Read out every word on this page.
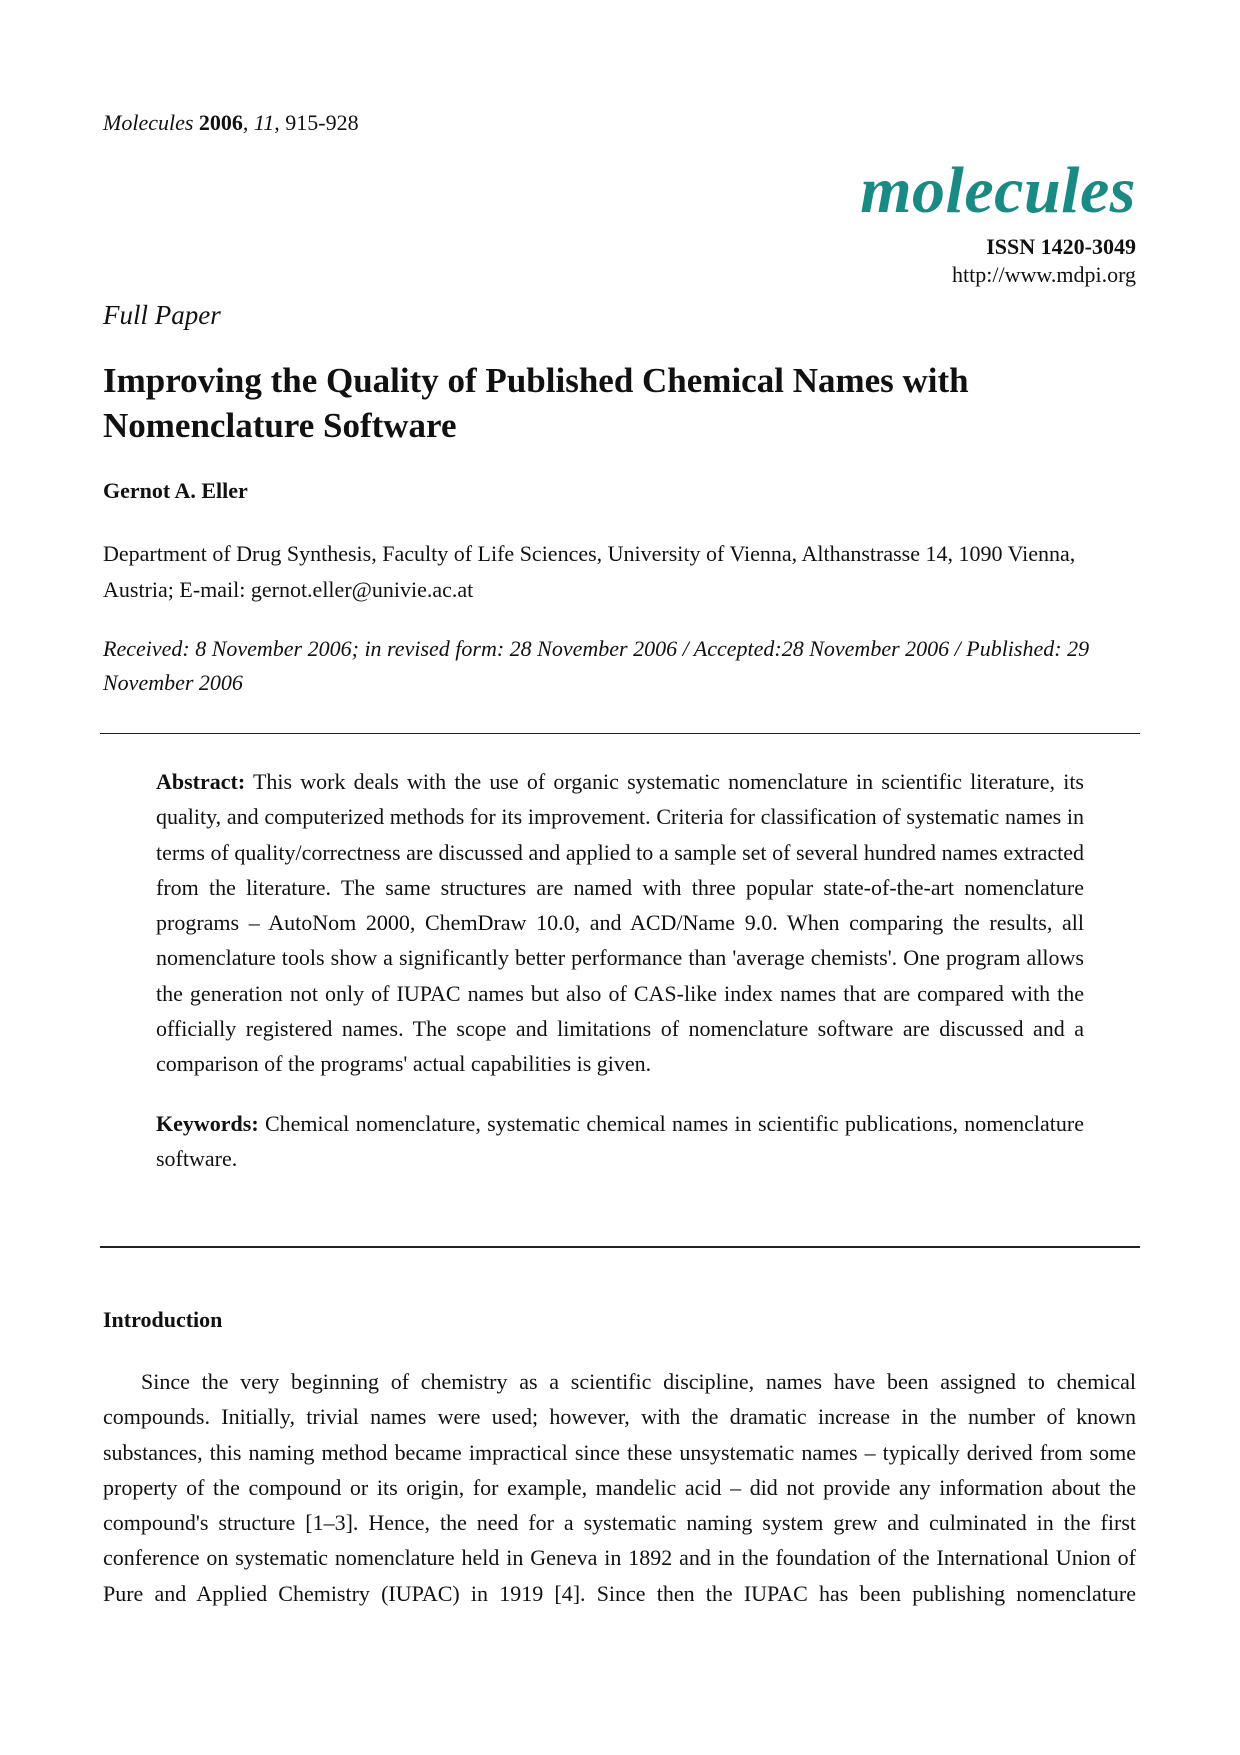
Molecules 2006, 11, 915-928
molecules
ISSN 1420-3049
http://www.mdpi.org
Full Paper
Improving the Quality of Published Chemical Names with Nomenclature Software
Gernot A. Eller
Department of Drug Synthesis, Faculty of Life Sciences, University of Vienna, Althanstrasse 14, 1090 Vienna, Austria; E-mail: gernot.eller@univie.ac.at
Received: 8 November 2006; in revised form: 28 November 2006 / Accepted:28 November 2006 / Published: 29 November 2006

Abstract: This work deals with the use of organic systematic nomenclature in scientific literature, its quality, and computerized methods for its improvement. Criteria for classification of systematic names in terms of quality/correctness are discussed and applied to a sample set of several hundred names extracted from the literature. The same structures are named with three popular state-of-the-art nomenclature programs – AutoNom 2000, ChemDraw 10.0, and ACD/Name 9.0. When comparing the results, all nomenclature tools show a significantly better performance than 'average chemists'. One program allows the generation not only of IUPAC names but also of CAS-like index names that are compared with the officially registered names. The scope and limitations of nomenclature software are discussed and a comparison of the programs' actual capabilities is given.

Keywords: Chemical nomenclature, systematic chemical names in scientific publications, nomenclature software.

Introduction

Since the very beginning of chemistry as a scientific discipline, names have been assigned to chemical compounds. Initially, trivial names were used; however, with the dramatic increase in the number of known substances, this naming method became impractical since these unsystematic names – typically derived from some property of the compound or its origin, for example, mandelic acid – did not provide any information about the compound's structure [1–3]. Hence, the need for a systematic naming system grew and culminated in the first conference on systematic nomenclature held in Geneva in 1892 and in the foundation of the International Union of Pure and Applied Chemistry (IUPAC) in 1919 [4]. Since then the IUPAC has been publishing nomenclature
